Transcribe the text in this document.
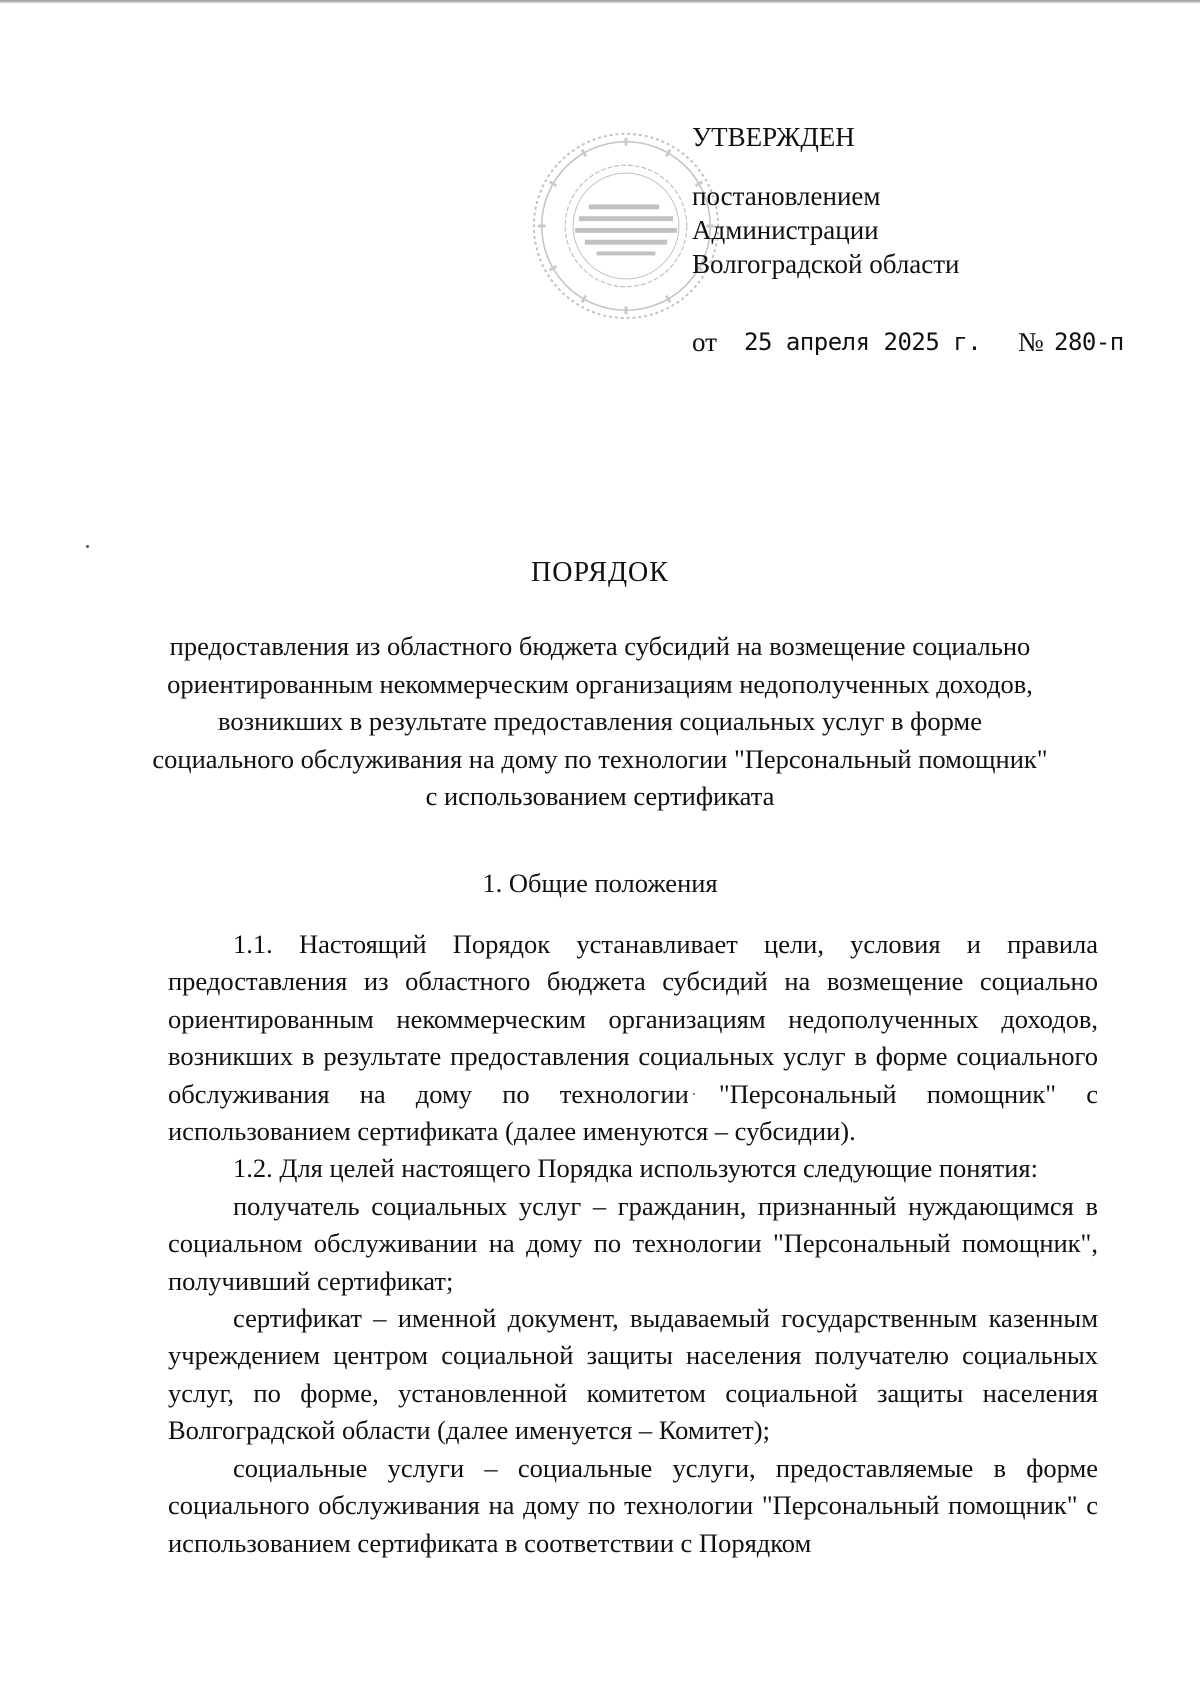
УТВЕРЖДЕН
постановлением
Администрации
Волгоградской области
от 25 апреля 2025 г. № 280-п
ПОРЯДОК
предоставления из областного бюджета субсидий на возмещение социально ориентированным некоммерческим организациям недополученных доходов, возникших в результате предоставления социальных услуг в форме социального обслуживания на дому по технологии "Персональный помощник" с использованием сертификата
1. Общие положения

1.1. Настоящий Порядок устанавливает цели, условия и правила предоставления из областного бюджета субсидий на возмещение социально ориентированным некоммерческим организациям недополученных доходов, возникших в результате предоставления социальных услуг в форме социального обслуживания на дому по технологии "Персональный помощник" с использованием сертификата (далее именуются – субсидии).

1.2. Для целей настоящего Порядка используются следующие понятия:

получатель социальных услуг – гражданин, признанный нуждающимся в социальном обслуживании на дому по технологии "Персональный помощник", получивший сертификат;

сертификат – именной документ, выдаваемый государственным казенным учреждением центром социальной защиты населения получателю социальных услуг, по форме, установленной комитетом социальной защиты населения Волгоградской области (далее именуется – Комитет);

социальные услуги – социальные услуги, предоставляемые в форме социального обслуживания на дому по технологии "Персональный помощник" с использованием сертификата в соответствии с Порядком
